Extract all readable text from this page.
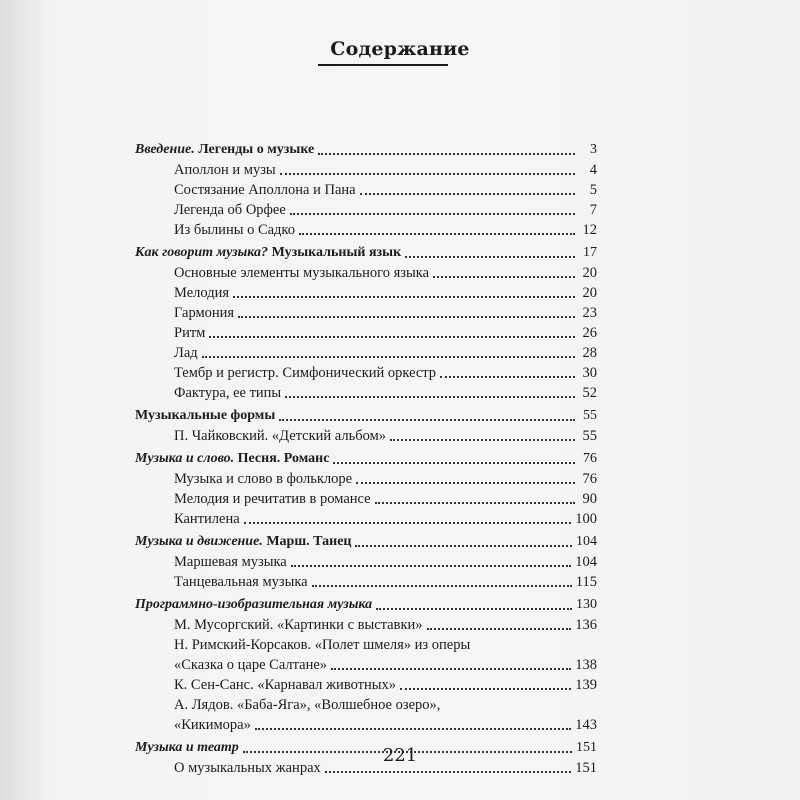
Содержание
Введение. Легенды о музыке	3
Аполлон и музы	4
Состязание Аполлона и Пана	5
Легенда об Орфее	7
Из былины о Садко	12
Как говорит музыка? Музыкальный язык	17
Основные элементы музыкального языка	20
Мелодия	20
Гармония	23
Ритм	26
Лад	28
Тембр и регистр. Симфонический оркестр	30
Фактура, ее типы	52
Музыкальные формы	55
П. Чайковский. «Детский альбом»	55
Музыка и слово. Песня. Романс	76
Музыка и слово в фольклоре	76
Мелодия и речитатив в романсе	90
Кантилена	100
Музыка и движение. Марш. Танец	104
Маршевая музыка	104
Танцевальная музыка	115
Программно-изобразительная музыка	130
М. Мусоргский. «Картинки с выставки»	136
Н. Римский-Корсаков. «Полет шмеля» из оперы
«Сказка о царе Салтане»	138
К. Сен-Санс. «Карнавал животных»	139
А. Лядов. «Баба-Яга», «Волшебное озеро»,
«Кикимора»	143
Музыка и театр	151
О музыкальных жанрах	151
221
